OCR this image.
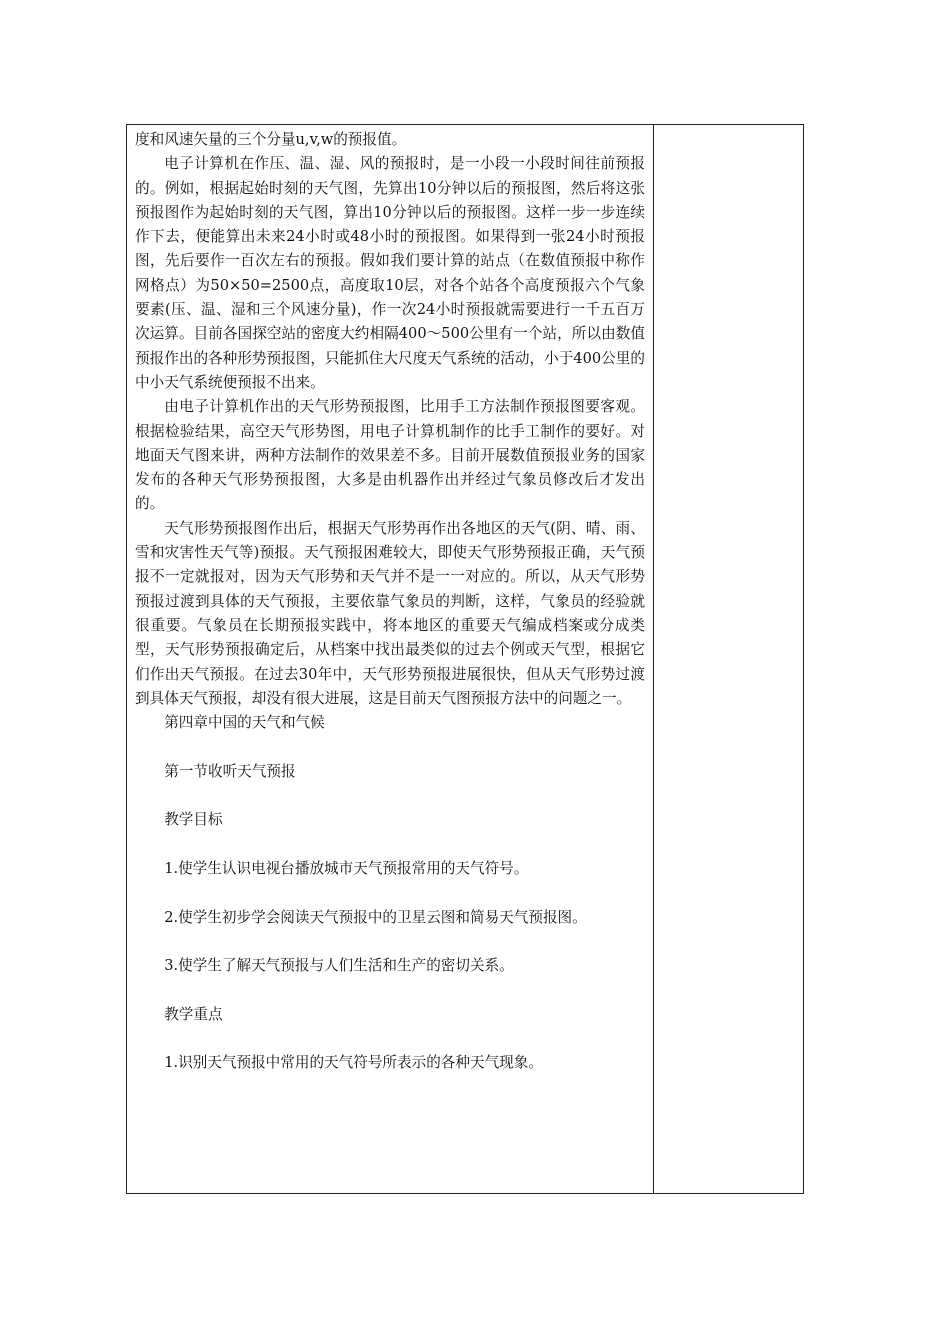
度和风速矢量的三个分量u,v,w的预报值。

电子计算机在作压、温、湿、风的预报时，是一小段一小段时间往前预报的。例如，根据起始时刻的天气图，先算出10分钟以后的预报图，然后将这张预报图作为起始时刻的天气图，算出10分钟以后的预报图。这样一步一步连续作下去，便能算出未来24小时或48小时的预报图。如果得到一张24小时预报图，先后要作一百次左右的预报。假如我们要计算的站点（在数值预报中称作网格点）为50×50=2500点，高度取10层，对各个站各个高度预报六个气象要素(压、温、湿和三个风速分量)，作一次24小时预报就需要进行一千五百万次运算。目前各国探空站的密度大约相隔400～500公里有一个站，所以由数值预报作出的各种形势预报图，只能抓住大尺度天气系统的活动，小于400公里的中小天气系统便预报不出来。

由电子计算机作出的天气形势预报图，比用手工方法制作预报图要客观。根据检验结果，高空天气形势图，用电子计算机制作的比手工制作的要好。对地面天气图来讲，两种方法制作的效果差不多。目前开展数值预报业务的国家发布的各种天气形势预报图，大多是由机器作出并经过气象员修改后才发出的。

天气形势预报图作出后，根据天气形势再作出各地区的天气(阴、晴、雨、雪和灾害性天气等)预报。天气预报困难较大，即使天气形势预报正确，天气预报不一定就报对，因为天气形势和天气并不是一一对应的。所以，从天气形势预报过渡到具体的天气预报，主要依靠气象员的判断，这样，气象员的经验就很重要。气象员在长期预报实践中，将本地区的重要天气编成档案或分成类型，天气形势预报确定后，从档案中找出最类似的过去个例或天气型，根据它们作出天气预报。在过去30年中，天气形势预报进展很快，但从天气形势过渡到具体天气预报，却没有很大进展，这是目前天气图预报方法中的问题之一。

第四章中国的天气和气候

第一节收听天气预报

教学目标

1.使学生认识电视台播放城市天气预报常用的天气符号。

2.使学生初步学会阅读天气预报中的卫星云图和简易天气预报图。

3.使学生了解天气预报与人们生活和生产的密切关系。

教学重点

1.识别天气预报中常用的天气符号所表示的各种天气现象。
